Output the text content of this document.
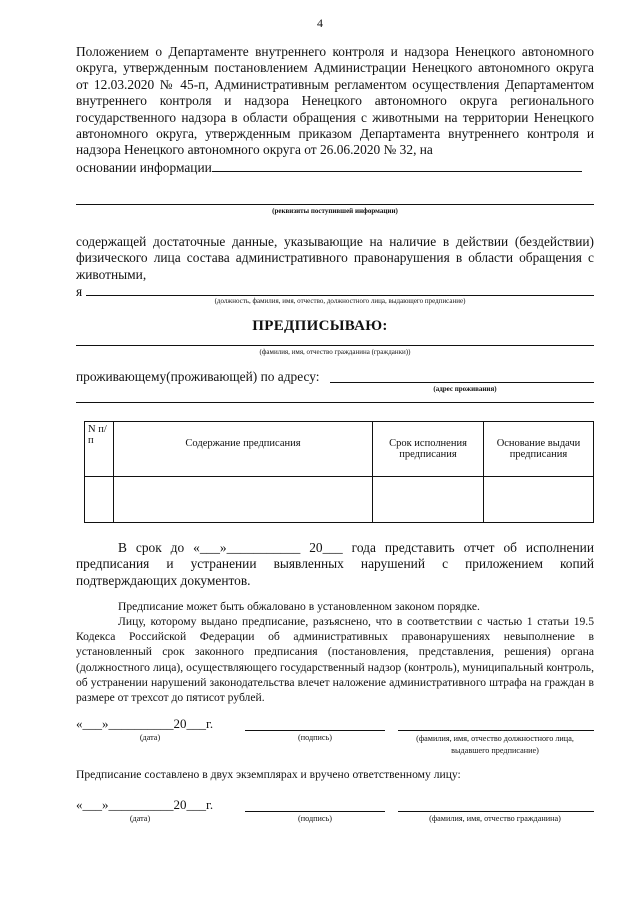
4
Положением о Департаменте внутреннего контроля и надзора Ненецкого автономного округа, утвержденным постановлением Администрации Ненецкого автономного округа от 12.03.2020 № 45-п, Административным регламентом осуществления Департаментом внутреннего контроля и надзора Ненецкого автономного округа регионального государственного надзора в области обращения с животными на территории Ненецкого автономного округа, утвержденным приказом Департамента внутреннего контроля и надзора Ненецкого автономного округа от 26.06.2020 № 32, на
основании информации
(реквизиты поступившей информации)
содержащей достаточные данные, указывающие на наличие в действии (бездействии) физического лица состава административного правонарушения в области обращения с животными,
я
(должность, фамилия, имя, отчество, должностного лица, выдающего предписание)
ПРЕДПИСЫВАЮ:
(фамилия, имя, отчество гражданина (гражданки))
проживающему(проживающей) по адресу:
(адрес проживания)
N п/п	Содержание предписания	Срок исполнения предписания	Основание выдачи предписания

В срок до «___»___________ 20___ года представить отчет об исполнении предписания и устранении выявленных нарушений с приложением копий подтверждающих документов.
Предписание может быть обжаловано в установленном законом порядке.
Лицу, которому выдано предписание, разъяснено, что в соответствии с частью 1 статьи 19.5 Кодекса Российской Федерации об административных правонарушениях невыполнение в установленный срок законного предписания (постановления, представления, решения) органа (должностного лица), осуществляющего государственный надзор (контроль), муниципальный контроль, об устранении нарушений законодательства влечет наложение административного штрафа на граждан в размере от трехсот до пятисот рублей.
«___»__________20___г.
(дата)	(подпись)	(фамилия, имя, отчество должностного лица, выдавшего предписание)
Предписание составлено в двух экземплярах и вручено ответственному лицу:
«___»__________20___г.
(дата)	(подпись)	(фамилия, имя, отчество гражданина)
